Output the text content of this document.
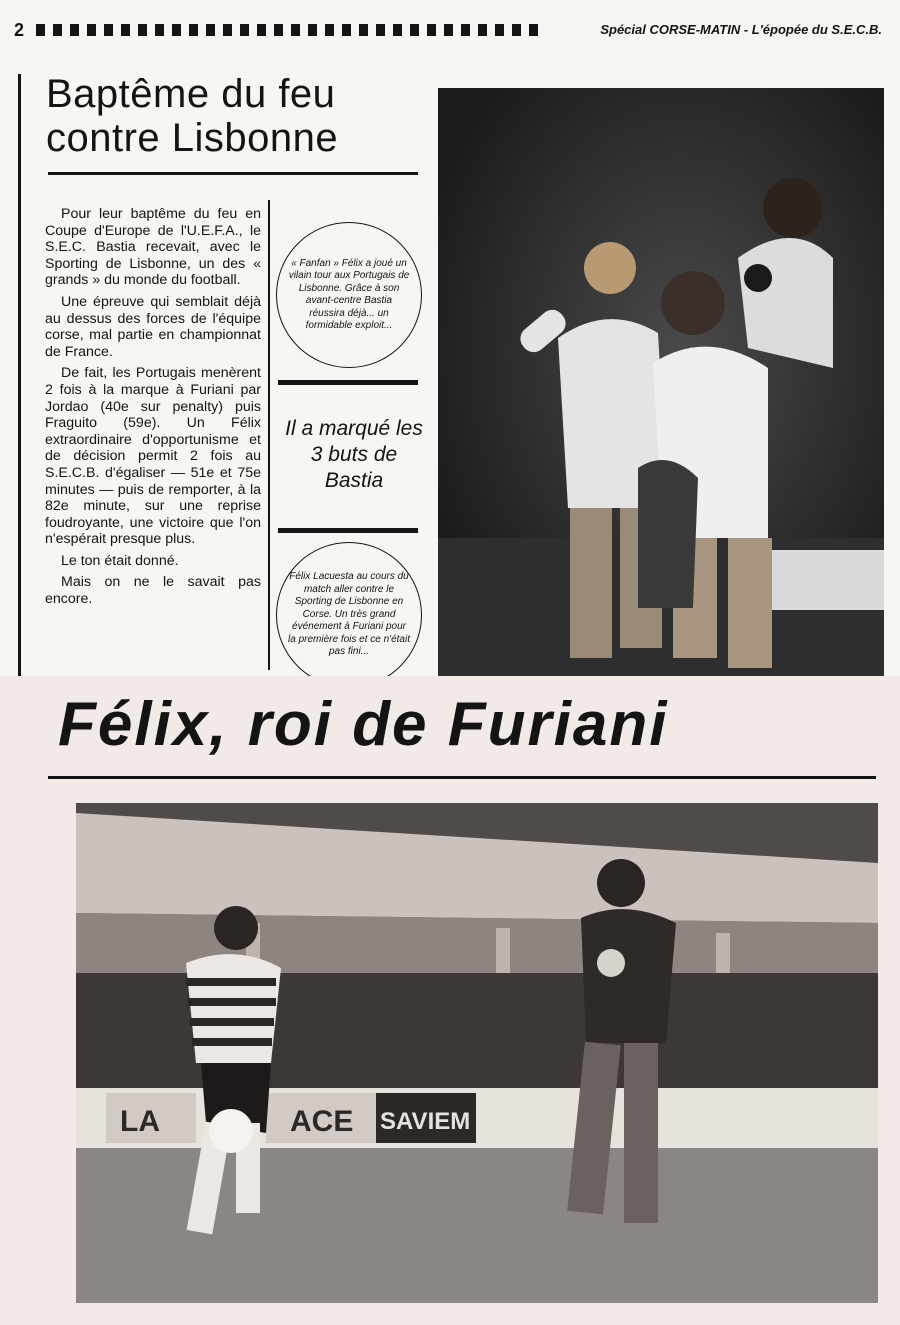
2	Spécial CORSE-MATIN - L'épopée du S.E.C.B.
Baptême du feu contre Lisbonne

Pour leur baptême du feu en Coupe d'Europe de l'U.E.F.A., le S.E.C. Bastia recevait, avec le Sporting de Lisbonne, un des « grands » du monde du football.

Une épreuve qui semblait déjà au dessus des forces de l'équipe corse, mal partie en championnat de France.

De fait, les Portugais menèrent 2 fois à la marque à Furiani par Jordao (40e sur penalty) puis Fraguito (59e). Un Félix extraordinaire d'opportunisme et de décision permit 2 fois au S.E.C.B. d'égaliser — 51e et 75e minutes — puis de remporter, à la 82e minute, sur une reprise foudroyante, une victoire que l'on n'espérait presque plus.

Le ton était donné.

Mais on ne le savait pas encore.

« Fanfan » Félix a joué un vilain tour aux Portugais de Lisbonne. Grâce à son avant-centre Bastia réussira déjà... un formidable exploit...
Il a marqué les 3 buts de Bastia
Félix Lacuesta au cours du match aller contre le Sporting de Lisbonne en Corse. Un très grand événement à Furiani pour la première fois et ce n'était pas fini...
Félix, roi de Furiani
LA	ACE SAVIEM
